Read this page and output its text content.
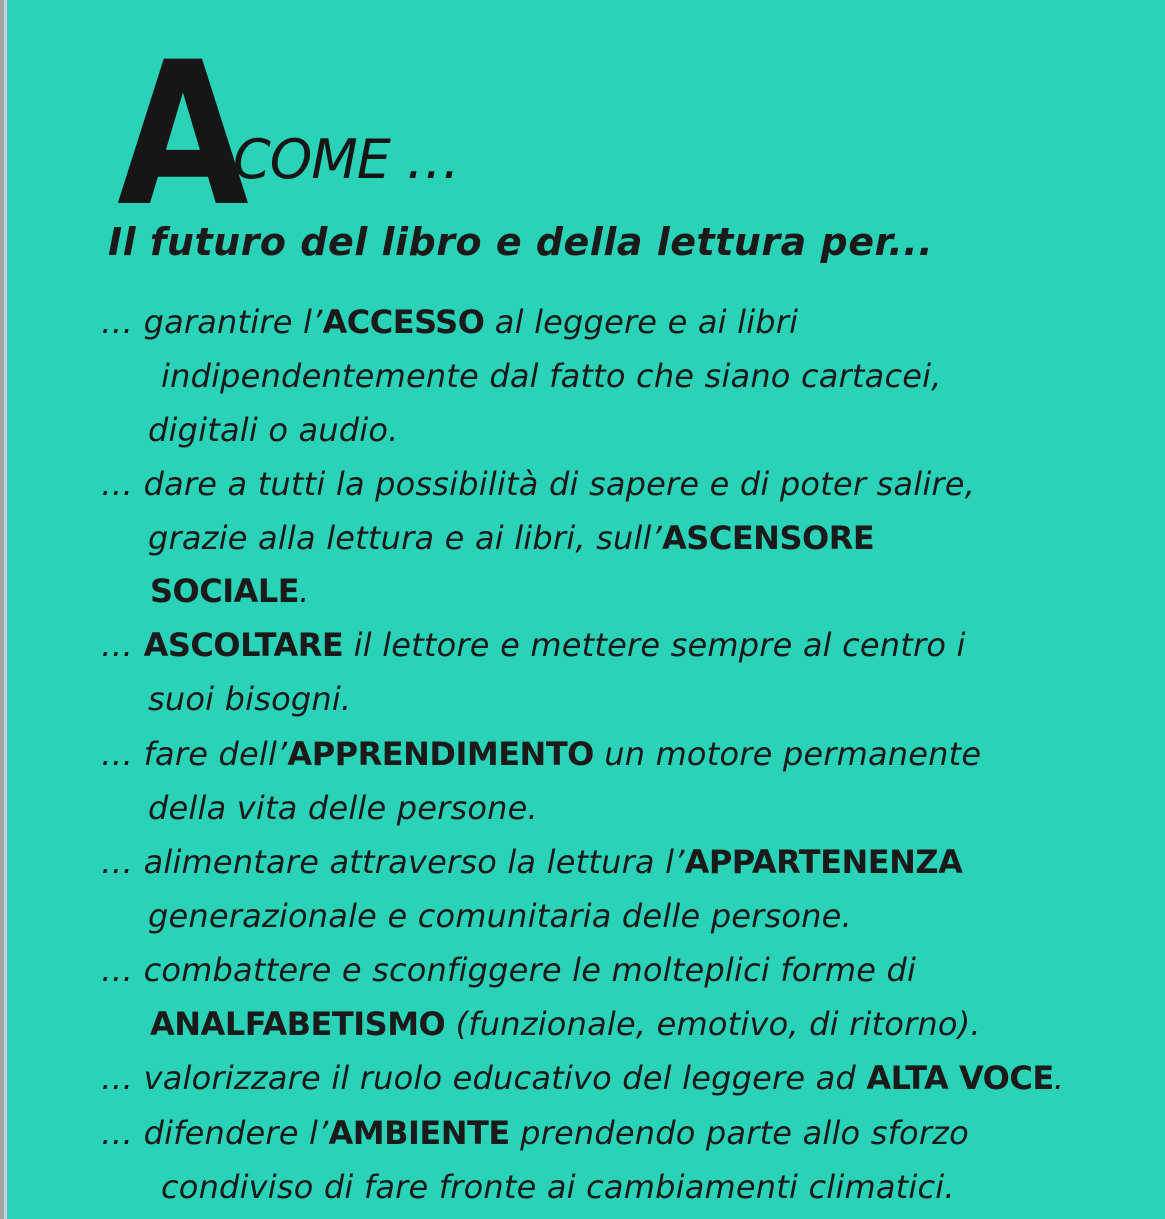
A
COME …
Il futuro del libro e della lettura per...
… garantire l’ACCESSO al leggere e ai libri
indipendentemente dal fatto che siano cartacei,
digitali o audio.
… dare a tutti la possibilità di sapere e di poter salire,
grazie alla lettura e ai libri, sull’ASCENSORE
SOCIALE.
… ASCOLTARE il lettore e mettere sempre al centro i
suoi bisogni.
… fare dell’APPRENDIMENTO un motore permanente
della vita delle persone.
… alimentare attraverso la lettura l’APPARTENENZA
generazionale e comunitaria delle persone.
… combattere e sconfiggere le molteplici forme di
ANALFABETISMO (funzionale, emotivo, di ritorno).
… valorizzare il ruolo educativo del leggere ad ALTA VOCE.
… difendere l’AMBIENTE prendendo parte allo sforzo
condiviso di fare fronte ai cambiamenti climatici.
